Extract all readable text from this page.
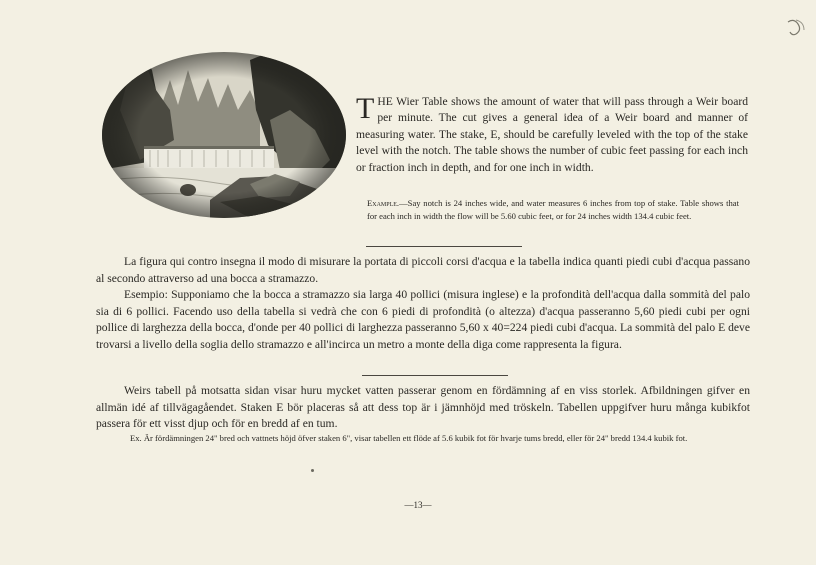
THE Wier Table shows the amount of water that will pass through a Weir board per minute. The cut gives a general idea of a Weir board and manner of measuring water. The stake, E, should be carefully leveled with the top of the stake level with the notch. The table shows the number of cubic feet passing for each inch or fraction inch in depth, and for one inch in width.
Example.—Say notch is 24 inches wide, and water measures 6 inches from top of stake. Table shows that for each inch in width the flow will be 5.60 cubic feet, or for 24 inches width 134.4 cubic feet.

La figura qui contro insegna il modo di misurare la portata di piccoli corsi d'acqua e la tabella indica quanti piedi cubi d'acqua passano al secondo attraverso ad una bocca a stramazzo.

Esempio: Supponiamo che la bocca a stramazzo sia larga 40 pollici (misura inglese) e la profondità dell'acqua dalla sommità del palo sia di 6 pollici. Facendo uso della tabella si vedrà che con 6 piedi di profondità (o altezza) d'acqua passeranno 5,60 piedi cubi per ogni pollice di larghezza della bocca, d'onde per 40 pollici di larghezza passeranno 5,60 x 40=224 piedi cubi d'acqua. La sommità del palo E deve trovarsi a livello della soglia dello stramazzo e all'incirca un metro a monte della diga come rappresenta la figura.

Weirs tabell på motsatta sidan visar huru mycket vatten passerar genom en fördämning af en viss storlek. Afbildningen gifver en allmän idé af tillvägagåendet. Staken E bör placeras så att dess top är i jämnhöjd med tröskeln. Tabellen uppgifver huru många kubikfot passera för ett visst djup och för en bredd af en tum.

Ex. Är fördämningen 24" bred och vattnets höjd öfver staken 6", visar tabellen ett flöde af 5.6 kubik fot för hvarje tums bredd, eller för 24" bredd 134.4 kubik fot.
—13—
